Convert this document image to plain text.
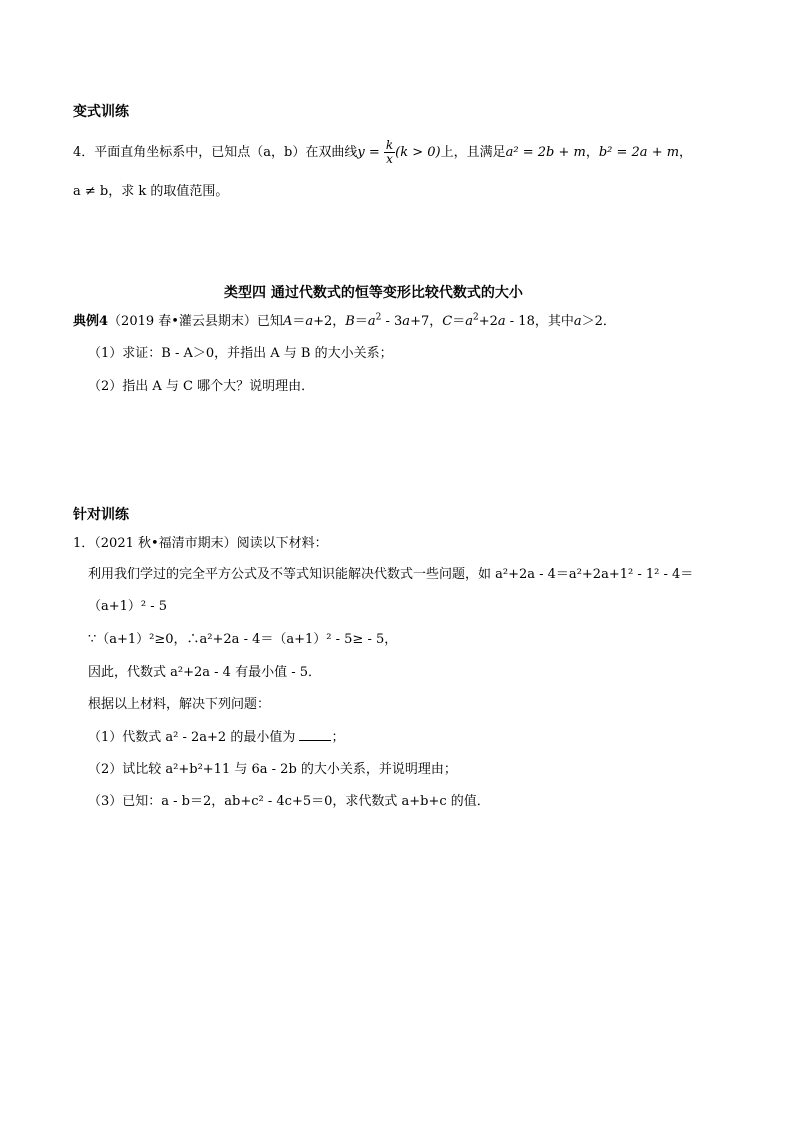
变式训练
4．平面直角坐标系中，已知点（a，b）在双曲线$y = \frac{k}{x} (k > 0)$上，且满足a² = 2b + m，b² = 2a + m，
a ≠ b，求 k 的取值范围。
类型四 通过代数式的恒等变形比较代数式的大小
典例4（2019 春•灌云县期末）已知A＝a+2，$B=a^2 - 3a+7$，$C=a^2+2a - 18$，其中a＞2．
（1）求证：B - A＞0，并指出 A 与 B 的大小关系；
（2）指出 A 与 C 哪个大？说明理由．
针对训练
1．（2021 秋•福清市期末）阅读以下材料：
利用我们学过的完全平方公式及不等式知识能解决代数式一些问题，如 a²+2a - 4＝a²+2a+1² - 1² - 4＝
（a+1）² - 5
∵（a+1）²≥0，∴a²+2a - 4＝（a+1）² - 5≥ - 5，
因此，代数式 a²+2a - 4 有最小值 - 5．
根据以上材料，解决下列问题：
（1）代数式 a² - 2a+2 的最小值为 ；
（2）试比较 a²+b²+11 与 6a - 2b 的大小关系，并说明理由；
（3）已知：a - b＝2，ab+c² - 4c+5＝0，求代数式 a+b+c 的值．
